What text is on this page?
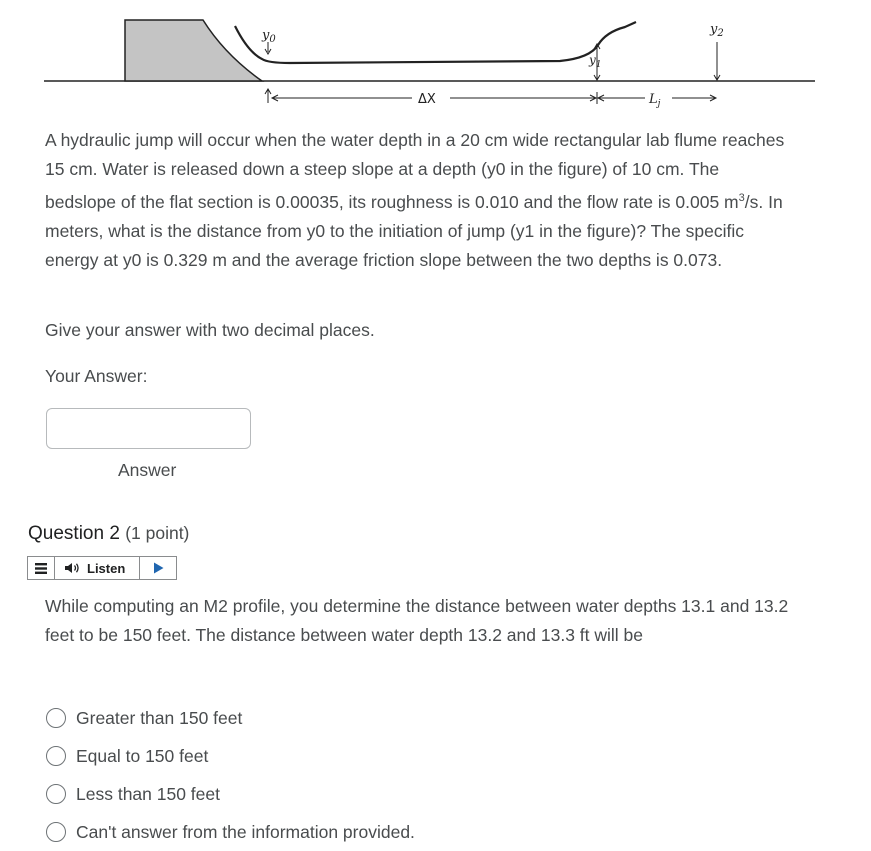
$y_0$
$y_1$
$y_2$
ΔX	$L_j$
A hydraulic jump will occur when the water depth in a 20 cm wide rectangular lab flume reaches 15 cm. Water is released down a steep slope at a depth (y0 in the figure) of 10 cm. The bedslope of the flat section is 0.00035, its roughness is 0.010 and the flow rate is 0.005 $m^3/s$. In meters, what is the distance from y0 to the initiation of jump (y1 in the figure)? The specific energy at y0 is 0.329 m and the average friction slope between the two depths is 0.073.
Give your answer with two decimal places.
Your Answer:
Answer
Question 2 (1 point)
Listen
While computing an M2 profile, you determine the distance between water depths 13.1 and 13.2 feet to be 150 feet. The distance between water depth 13.2 and 13.3 ft will be
Greater than 150 feet
Equal to 150 feet
Less than 150 feet
Can't answer from the information provided.
